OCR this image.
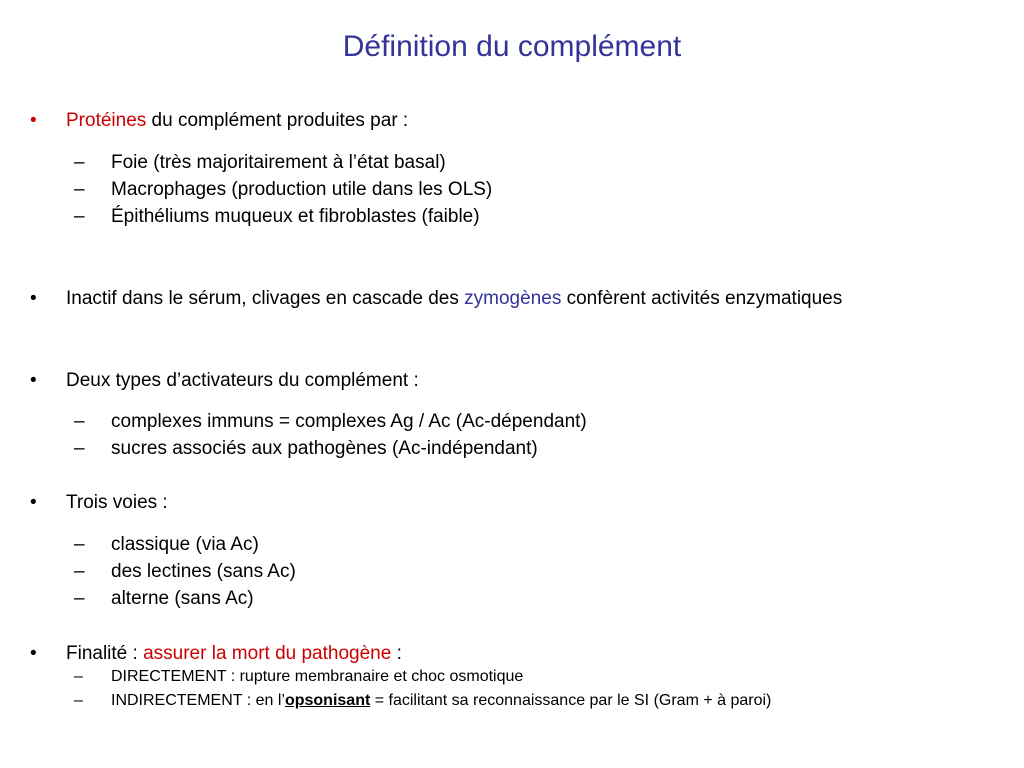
Définition du complément
• Protéines du complément produites par :
– Foie (très majoritairement à l’état basal)
– Macrophages (production utile dans les OLS)
– Épithéliums muqueux et fibroblastes (faible)
• Inactif dans le sérum, clivages en cascade des zymogènes confèrent activités enzymatiques
• Deux types d’activateurs du complément :
– complexes immuns = complexes Ag / Ac (Ac-dépendant)
– sucres associés aux pathogènes (Ac-indépendant)
• Trois voies :
– classique (via Ac)
– des lectines (sans Ac)
– alterne (sans Ac)
• Finalité : assurer la mort du pathogène :
– DIRECTEMENT : rupture membranaire et choc osmotique
– INDIRECTEMENT : en l’opsonisant = facilitant sa reconnaissance par le SI (Gram + à paroi)
